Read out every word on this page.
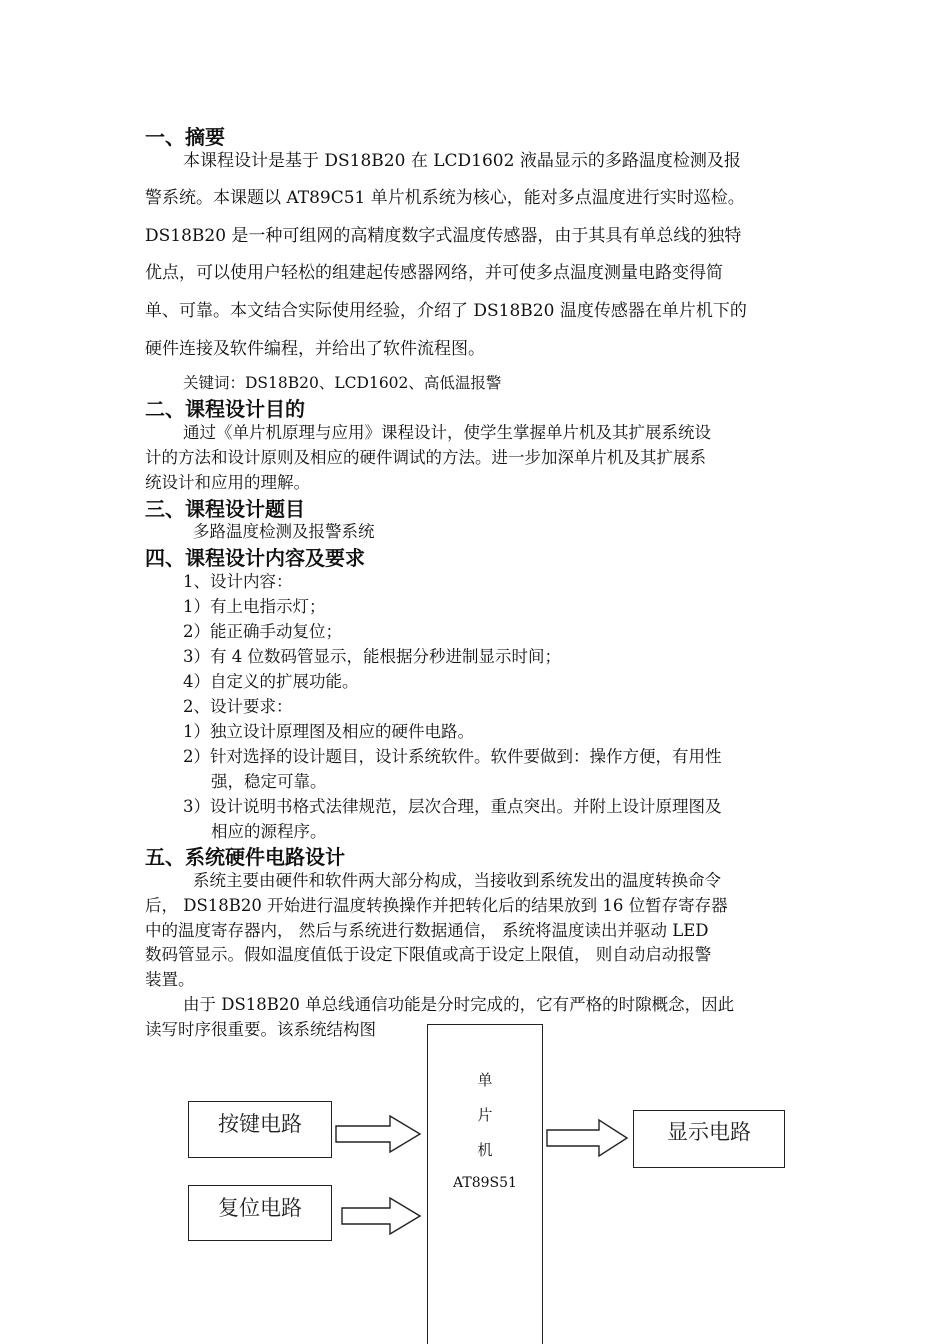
一、摘要
本课程设计是基于 DS18B20 在 LCD1602 液晶显示的多路温度检测及报
警系统。本课题以 AT89C51 单片机系统为核心，能对多点温度进行实时巡检。
DS18B20 是一种可组网的高精度数字式温度传感器，由于其具有单总线的独特
优点，可以使用户轻松的组建起传感器网络，并可使多点温度测量电路变得简
单、可靠。本文结合实际使用经验，介绍了 DS18B20 温度传感器在单片机下的
硬件连接及软件编程，并给出了软件流程图。
关键词：DS18B20、LCD1602、高低温报警
二、课程设计目的
通过《单片机原理与应用》课程设计，使学生掌握单片机及其扩展系统设
计的方法和设计原则及相应的硬件调试的方法。进一步加深单片机及其扩展系
统设计和应用的理解。
三、课程设计题目
多路温度检测及报警系统
四、课程设计内容及要求
1、设计内容：
1）有上电指示灯；
2）能正确手动复位；
3）有 4 位数码管显示，能根据分秒进制显示时间；
4）自定义的扩展功能。
2、设计要求：
1）独立设计原理图及相应的硬件电路。
2）针对选择的设计题目，设计系统软件。软件要做到：操作方便，有用性
强，稳定可靠。
3）设计说明书格式法律规范，层次合理，重点突出。并附上设计原理图及
相应的源程序。
五、系统硬件电路设计
系统主要由硬件和软件两大部分构成，当接收到系统发出的温度转换命令
后， DS18B20 开始进行温度转换操作并把转化后的结果放到 16 位暂存寄存器
中的温度寄存器内， 然后与系统进行数据通信， 系统将温度读出并驱动 LED
数码管显示。假如温度值低于设定下限值或高于设定上限值， 则自动启动报警
装置。
由于 DS18B20 单总线通信功能是分时完成的，它有严格的时隙概念，因此
读写时序很重要。该系统结构图
按键电路
复位电路
单
片
机
AT89S51
显示电路
